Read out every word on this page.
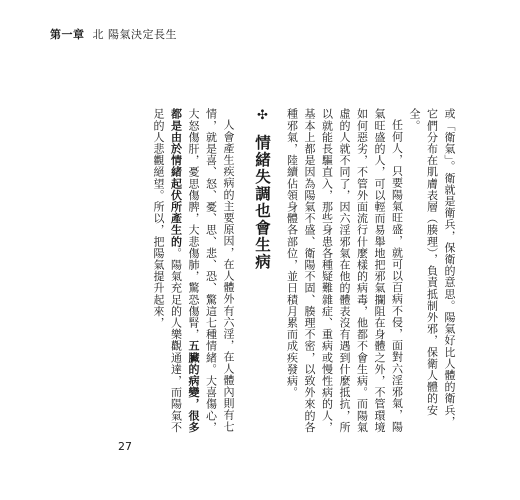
第一章 北 陽氣決定長生

或「衛氣」。衛就是衛兵，保衛的意思。陽氣好比人體的衛兵，它們分布在肌膚表層（腠理），負責抵制外邪，保衛人體的安全。

任何人，只要陽氣旺盛，就可以百病不侵，面對六淫邪氣，陽氣旺盛的人，可以輕而易舉地把邪氣攔阻在身體之外，不管環境如何惡劣，不管外面流行什麼樣的病毒，他都不會生病。而陽氣虛的人就不同了，因六淫邪氣在他的體表沒有遇到什麼抵抗，所以就能長驅直入，那些身患各種疑難雜症、重病或慢性病的人，基本上都是因為陽氣不盛、衛陽不固、腠理不密，以致外來的各種邪氣，陸續佔領身體各部位，並日積月累而成疾發病。

✣ 情緒失調也會生病

人會產生疾病的主要原因，在人體外有六淫，在人體內則有七情，就是喜、怒、憂、思、悲、恐、驚這七種情緒。大喜傷心，大怒傷肝，憂思傷脾，大悲傷肺，驚恐傷腎，五臟的病變，很多都是由於情緒起伏所產生的。陽氣充足的人樂觀通達，而陽氣不足的人悲觀絕望。所以，把陽氣提升起來，

27
